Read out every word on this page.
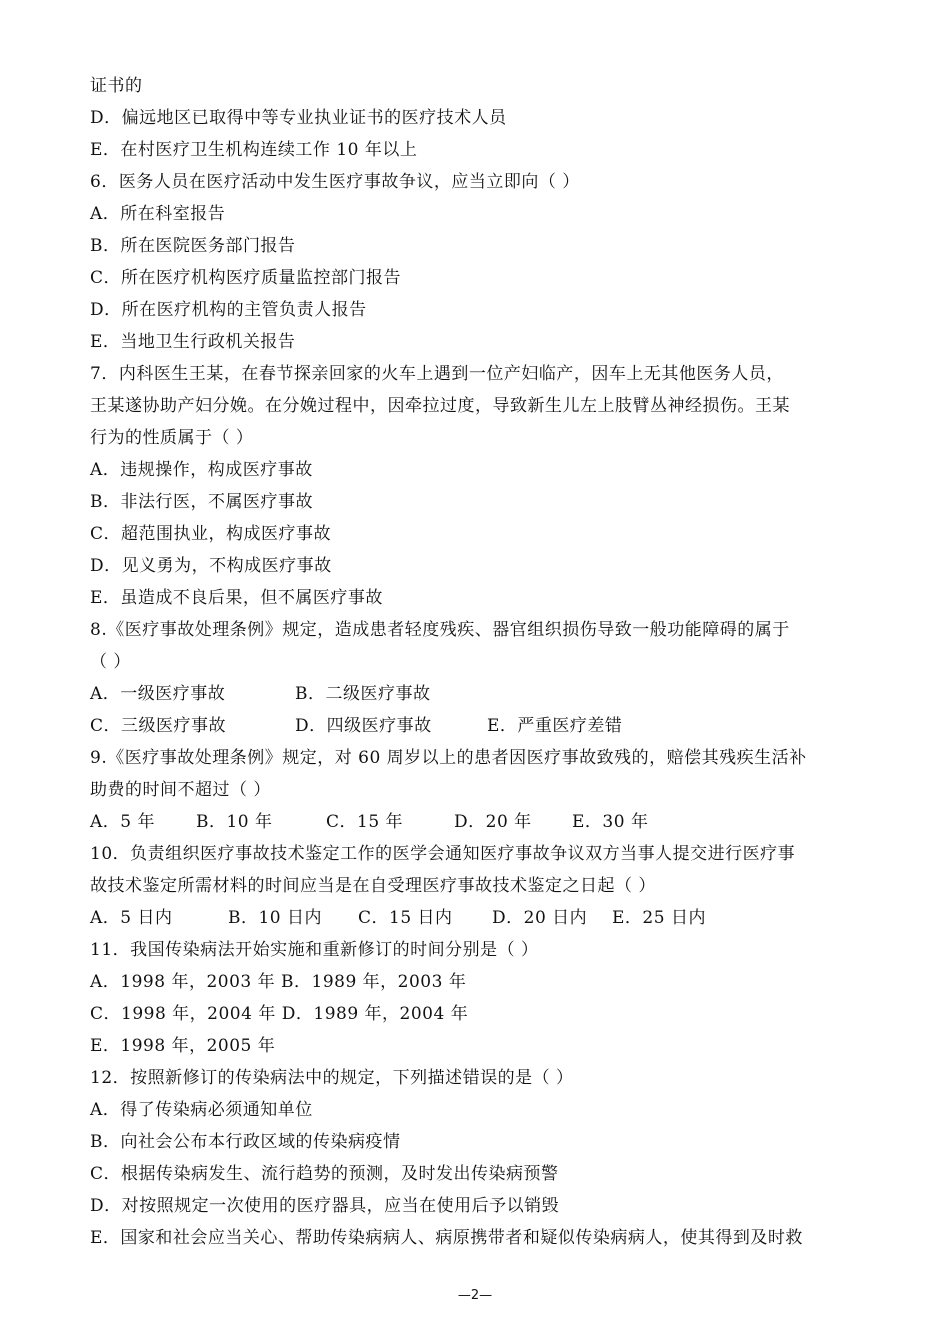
证书的
D．偏远地区已取得中等专业执业证书的医疗技术人员
E．在村医疗卫生机构连续工作 10 年以上
6．医务人员在医疗活动中发生医疗事故争议，应当立即向（ ）
A．所在科室报告
B．所在医院医务部门报告
C．所在医疗机构医疗质量监控部门报告
D．所在医疗机构的主管负责人报告
E．当地卫生行政机关报告
7．内科医生王某，在春节探亲回家的火车上遇到一位产妇临产，因车上无其他医务人员，
王某遂协助产妇分娩。在分娩过程中，因牵拉过度，导致新生儿左上肢臂丛神经损伤。王某
行为的性质属于（ ）
A．违规操作，构成医疗事故
B．非法行医，不属医疗事故
C．超范围执业，构成医疗事故
D．见义勇为，不构成医疗事故
E．虽造成不良后果，但不属医疗事故
8.《医疗事故处理条例》规定，造成患者轻度残疾、器官组织损伤导致一般功能障碍的属于
（ ）
A．一级医疗事故	B．二级医疗事故
C．三级医疗事故	D．四级医疗事故	E．严重医疗差错
9.《医疗事故处理条例》规定，对 60 周岁以上的患者因医疗事故致残的，赔偿其残疾生活补
助费的时间不超过（ ）
A．5 年 B．10 年	C．15 年	D．20 年 E．30 年
10．负责组织医疗事故技术鉴定工作的医学会通知医疗事故争议双方当事人提交进行医疗事
故技术鉴定所需材料的时间应当是在自受理医疗事故技术鉴定之日起（ ）
A．5 日内	B．10 日内 C．15 日内 D．20 日内 E．25 日内
11．我国传染病法开始实施和重新修订的时间分别是（ ）
A．1998 年，2003 年 B．1989 年，2003 年
C．1998 年，2004 年 D．1989 年，2004 年
E．1998 年，2005 年
12．按照新修订的传染病法中的规定，下列描述错误的是（ ）
A．得了传染病必须通知单位
B．向社会公布本行政区域的传染病疫情
C．根据传染病发生、流行趋势的预测，及时发出传染病预警
D．对按照规定一次使用的医疗器具，应当在使用后予以销毁
E．国家和社会应当关心、帮助传染病病人、病原携带者和疑似传染病病人，使其得到及时救
—2—
